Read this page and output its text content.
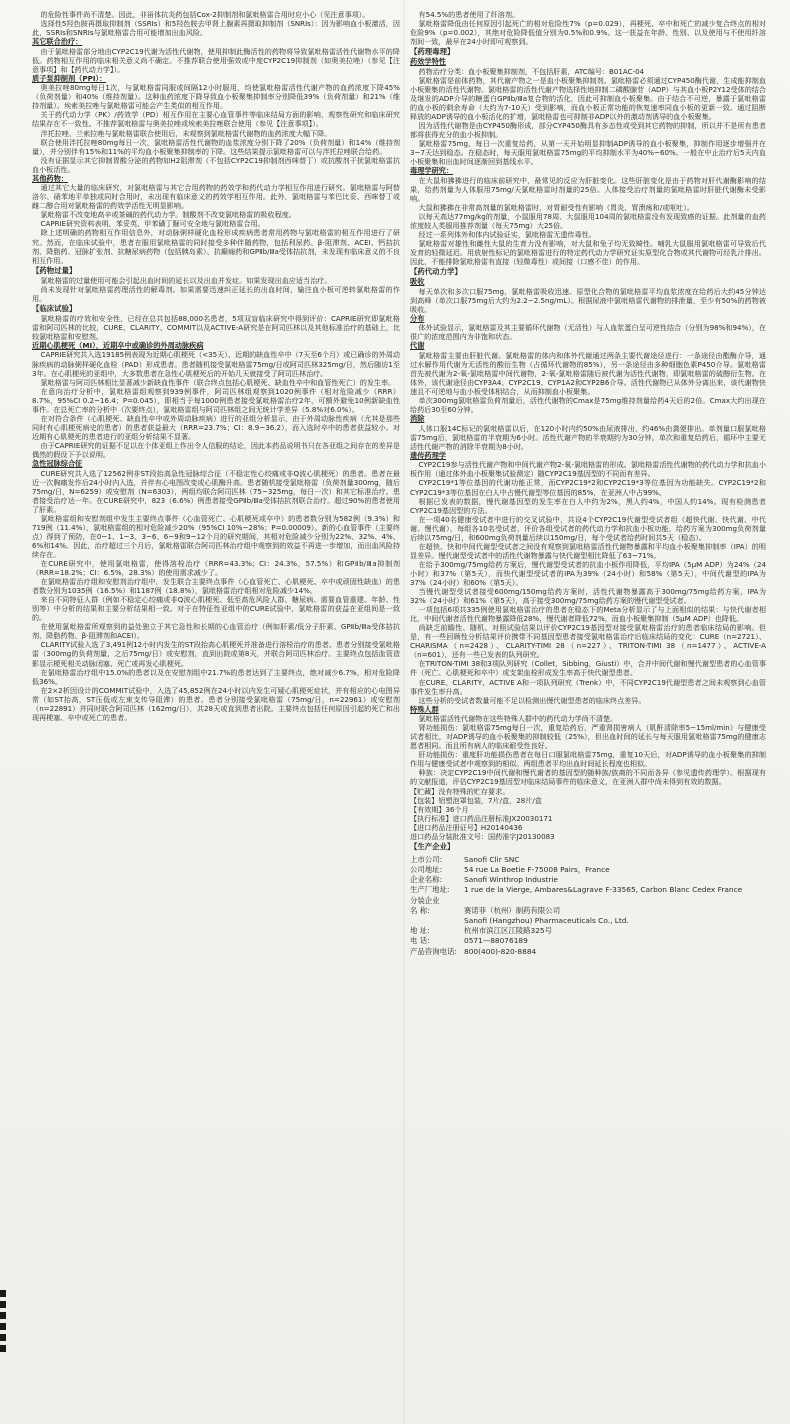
的危险性事件尚不清楚。因此，非甾体抗炎药包括Cox-2抑制剂和氯吡格雷合用时应小心（见注意事项）。

选择性5羟色胺再摄取抑制剂（SSRIs）和5羟色胺去甲肾上腺素再摄取抑制剂（SNRIs）：因为影响血小板激活，因此，SSRIs和SNRIs与氯吡格雷合用可能增加出血风险。

其它联合治疗：

由于氯吡格雷部分地由CYP2C19代谢为活性代谢物，使用抑制此酶活性的药物将导致氯吡格雷活性代谢物水平的降低。药物相互作用的临床相关意义尚不确定。不推荐联合使用强效或中度CYP2C19抑制剂（如奥美拉唑）（参见【注意事项】和【药代动力学】）。

质子泵抑制剂（PPI）：

奥美拉唑80mg每日1次，与氯吡格雷同服或间隔12小时服用，均使氯吡格雷活性代谢产物的血药浓度下降45%（负荷剂量）和40%（维持剂量）。这种血药浓度下降导致血小板聚集抑制率分别降低39%（负荷剂量）和21%（维持剂量）。埃索美拉唑与氯吡格雷可能会产生类似的相互作用。

关于药代动力学（PK）/药效学（PD）相互作用在主要心血管事件等临床结局方面的影响，观察性研究和临床研究结果存在不一致性。不推荐氯吡格雷与奥美拉唑或埃索美拉唑联合使用（参见【注意事项】）。

泮托拉唑、兰索拉唑与氯吡格雷联合使用后，未观察到氯吡格雷代谢物的血药浓度大幅下降。

联合使用泮托拉唑80mg每日一次，氯吡格雷活性代谢物的血浆浓度分别下降了20%（负荷剂量）和14%（维持剂量），并分别伴有15%和11%的平均血小板聚集抑制率的下降。这些结果提示氯吡格雷可以与泮托拉唑联合给药。

没有证据显示其它抑制胃酸分泌的药物如H2阻滞剂（不包括CYP2C19抑制剂西咪替丁）或抗酸剂干扰氯吡格雷抗血小板活性。

其他药物：

通过其它大量的临床研究，对氯吡格雷与其它合用药物的药效学和药代动力学相互作用进行研究。氯吡格雷与阿替洛尔、硝苯地平单独或同时合用时，未出现有临床意义的药效学相互作用。此外，氯吡格雷与苯巴比妥、西咪替丁或雌二醇合用对氯吡格雷的药效学活性无明显影响。

氯吡格雷不改变地高辛或茶碱的药代动力学。制酸剂不改变氯吡格雷的吸收程度。

CAPRIE研究资料表明，苯妥英、甲苯磺丁脲可安全地与氯吡格雷合用。

除上述明确的药物相互作用信息外，对动脉粥样硬化血栓形成疾病患者常用药物与氯吡格雷的相互作用进行了研究。然而，在临床试验中，患者在服用氯吡格雷的同时接受多种伴随药物，包括利尿药、β-阻滞剂、ACEI、钙拮抗剂、降脂药、冠脉扩张剂、抗糖尿病药物（包括胰岛素）、抗癫痫药和GPⅡb/Ⅲa受体拮抗剂，未发现有临床意义的不良相互作用。

【药物过量】

氯吡格雷的过量使用可能会引起出血时间的延长以及出血并发症。如果发现出血应适当治疗。

尚未发现针对氯吡格雷药理活性的解毒剂。如果需要迅速纠正延长的出血时间，输注血小板可逆转氯吡格雷的作用。

【临床试验】

氯吡格雷的疗效和安全性，已经在总共包括88,000名患者，5项双盲临床研究中得到评价：CAPRIE研究即氯吡格雷和阿司匹林的比较，CURE、CLARITY、COMMIT以及ACTIVE-A研究是在阿司匹林以及其他标准治疗的基础上，比较氯吡格雷和安慰剂。

近期心肌梗死（MI），近期卒中或确诊的外周动脉疾病

CAPRIE研究共入选19185例表现为近期心肌梗死（<35天）、近期的缺血性卒中（7天至6个月）或已确诊的外周动脉疾病的动脉粥样硬化血栓（PAD）形成患者。患者随机接受氯吡格雷75mg/日或阿司匹林325mg/日，然后随访1至3年。在心肌梗死的亚组中，大多数患者在急性心肌梗死后的开始几天就接受了阿司匹林治疗。

氯吡格雷与阿司匹林相比显著减少新缺血性事件（联合终点包括心肌梗死、缺血性卒中和血管性死亡）的发生率。

在意向治疗分析中，氯吡格雷组观察到939例事件，阿司匹林组观察到1020例事件（相对危险减少（RRR）8.7%，95%CI 0.2~16.4；P=0.045），即相当于每1000例患者接受氯吡格雷治疗2年，可额外避免10例新缺血性事件。在总死亡率的分析中（次要终点），氯吡格雷组与阿司匹林组之间无统计学差异（5.8%对6.0%）。

在对符合条件（心肌梗死、缺血性卒中或外周动脉疾病）进行的亚组分析显示，由于外周动脉性疾病（尤其是那些同时有心肌梗死病史的患者）的患者获益最大（RRR=23.7%；CI：8.9~36.2），而入选时卒中的患者获益较小。对近期有心肌梗死的患者进行的亚组分析结果不显著。

由于CAPRIE研究的证据不足以在个体亚组上作出令人信服的结论，因此本药品说明书只在各亚组之间存在的差异是偶然的假设下予以说明。

急性冠脉综合征

CURE研究共入选了12562例非ST段抬高急性冠脉综合征（不稳定性心绞痛或非Q波心肌梗死）的患者。患者在最近一次胸痛发作后24小时内入选，并伴有心电图改变或心肌酶升高。患者随机接受氯吡格雷（负荷剂量300mg，随后75mg/日，N=6259）或安慰剂（N=6303），两组均联合阿司匹林（75~325mg，每日一次）和其它标准治疗。患者接受治疗达一年。在CURE研究中，823（6.6%）例患者接受GPⅡb/Ⅲa受体拮抗剂联合治疗。超过90%的患者使用了肝素。

氯吡格雷组和安慰剂组中发生主要终点事件（心血管死亡、心肌梗死或卒中）的患者数分别为582例（9.3%）和719例（11.4%），氯吡格雷组的相对危险减少20%（95%CI 10%~28%；P=0.00009）。新的心血管事件（主要终点）得到了预防，在0~1、1~3、3~6、6~9和9~12个月的研究期间，其相对危险减少分别为22%、32%、4%、6%和14%。因此，治疗超过三个月后，氯吡格雷联合阿司匹林治疗组中观察到的效益不再进一步增加，而出血风险持续存在。

在CURE研究中，使用氯吡格雷，使得溶栓治疗（RRR=43.3%；CI：24.3%，57.5%）和GPⅡb/Ⅲa抑制剂（RRR=18.2%；CI：6.5%，28.3%）的使用需求减少了。

在氯吡格雷治疗组和安慰剂治疗组中，发生联合主要终点事件（心血管死亡、心肌梗死、卒中或顽固性缺血）的患者数分别为1035例（16.5%）和1187例（18.8%），氯吡格雷治疗组相对危险减少14%。

来自不同特征人群（例如不稳定心绞痛或非Q波心肌梗死、低至高危风险人群、糖尿病、需要血管重建、年龄、性别等）中分析的结果和主要分析结果相一致。对于在特征性亚组中的CURE试验中，氯吡格雷的获益在亚组间是一致的。

在使用氯吡格雷所观察到的益处独立于其它急性和长期的心血管治疗（例如肝素/低分子肝素、GPⅡb/Ⅲa受体拮抗剂、降脂药物、β-阻滞剂和ACEI）。

CLARITY试验入选了3,491例12小时内发生的ST段抬高心肌梗死并准备进行溶栓治疗的患者。患者分别接受氯吡格雷（300mg的负荷剂量，之后75mg/日）或安慰剂，直到出院或第8天，并联合阿司匹林治疗。主要终点包括血管造影显示梗死相关动脉闭塞、死亡或再发心肌梗死。

在氯吡格雷治疗组中15.0%的患者以及在安慰剂组中21.7%的患者达到了主要终点，绝对减少6.7%，相对危险降低36%。

在2×2析因设计的COMMIT试验中，入选了45,852例在24小时以内发生可疑心肌梗死症状，并有相应的心电图异常（如ST抬高，ST压低或左束支传导阻滞）的患者。患者分别接受氯吡格雷（75mg/日，n=22961）或安慰剂（n=22891）并同时联合阿司匹林（162mg/日），共28天或直到患者出院。主要终点包括任何原因引起的死亡和出现再梗塞、卒中或死亡的患者。

有54.5%的患者使用了纤溶剂。

氯吡格雷降低由任何原因引起死亡的相对危险性7%（p=0.029），再梗死、卒中和死亡的减少复合终点的相对危险9%（p=0.002），其绝对危险降低值分别为0.5%和0.9%。这一获益在年龄、性别、以及使用与不使用纤溶剂间一致，最早在24小时即可观察到。

【药理毒理】

药效学特性

药物治疗分类：血小板聚集抑制剂，不包括肝素，ATC编号：B01AC-04

氯吡格雷是前体药物，其代谢产物之一是血小板聚集抑制剂。氯吡格雷必须通过CYP450酶代谢，生成能抑制血小板聚集的活性代谢物。氯吡格雷的活性代谢产物选择性地抑制二磷酸腺苷（ADP）与其血小板P2Y12受体的结合及继发的ADP介导的糖蛋白GPⅡb/Ⅲa复合物的活化，因此可抑制血小板聚集。由于结合不可逆，暴露于氯吡格雷的血小板的剩余寿命（大约为7-10天）受到影响，而血小板正常功能的恢复速率同血小板的更新一致。通过阻断释放的ADP诱导的血小板活化的扩增，氯吡格雷也可抑制非ADP以外的激动剂诱导的血小板聚集。

因为活性代谢物是由CYP450酶形成，部分CYP450酶具有多态性或受到其它药物的抑制，所以并不是所有患者都将获得充分的血小板抑制。

氯吡格雷75mg，每日一次重复给药，从第一天开始明显抑制ADP诱导的血小板聚集，抑制作用逐步增强并在3~7天达到稳态。在稳态时，每天服用氯吡格雷75mg的平均抑制水平为40%~60%。一般在中止治疗后5天内血小板聚集和出血时间逐渐回到基线水平。

毒理学研究：

在大鼠和狒狒进行的临床前研究中，最常见的反应为肝脏变化。这些肝脏变化是由于药物对肝代谢酶影响的结果，给药剂量为人体服用75mg/天氯吡格雷时剂量的25倍。人体接受治疗剂量的氯吡格雷时肝脏代谢酶未受影响。

大鼠和狒狒在非常高剂量的氯吡格雷时，对胃耐受性有影响（胃炎、胃溃疡和/或呕吐）。

以每天高达77mg/kg的剂量，小鼠服用78周、大鼠服用104周的氯吡格雷没有发现致癌的证据。此剂量的血药浓度较人类服用推荐剂量（每天75mg）大25倍。

经过一系列体外和体内试验证实，氯吡格雷无遗传毒性。

氯吡格雷对雄性和雌性大鼠的生育力没有影响，对大鼠和兔子均无致畸性。哺乳大鼠服用氯吡格雷可导致后代发育的轻微延迟。用放射性标记的氯吡格雷进行的特定药代动力学研究证实原型化合物或其代谢物可经乳汁排出。因此，不能排除氯吡格雷有直接（轻微毒性）或间接（口感不佳）的作用。

【药代动力学】

吸收

每天单次和多次口服75mg，氯吡格雷吸收迅速。原型化合物的氯吡格雷平均血浆浓度在给药后大约45分钟达到高峰（单次口服75mg后大约为2.2~2.5ng/mL）。根据尿液中氯吡格雷代谢物的排泄量，至少有50%的药物被吸收。

分布

体外试验显示，氯吡格雷及其主要循环代谢物（无活性）与人血浆蛋白呈可逆性结合（分别为98%和94%），在很广的浓度范围内为非饱和状态。

代谢

氯吡格雷主要由肝脏代谢。氯吡格雷的体内和体外代谢通过两条主要代谢途径进行：一条途径由酯酶介导，通过水解作用代谢为无活性的酸衍生物（占循环代谢物的85%），另一条途径由多种细胞色素P450介导。氯吡格雷首先被代谢为2-氧-氯吡格雷中间代谢物，2-氧-氯吡格雷随后被代谢为活性代谢物，即氯吡格雷的硫醇衍生物。在体外，该代谢途径由CYP3A4、CYP2C19、CYP1A2和CYP2B6介导。活性代谢物已从体外分离出来，该代谢物快速且不可逆地与血小板受体相结合，从而抑制血小板聚集。

单次300mg氯吡格雷负荷剂量后，活性代谢物的Cmax是75mg维持剂量给药4天后的2倍。Cmax大约出现在给药后30至60分钟。

消除

人体口服14C标记的氯吡格雷以后，在120小时内约50%由尿液排出，约46%由粪便排出。单剂量口服氯吡格雷75mg后，氯吡格雷的半衰期为6小时。活性代谢产物的半衰期约为30分钟。单次和重复给药后，循环中主要无活性代谢产物的消除半衰期为8小时。

遗传药理学

CYP2C19参与活性代谢产物和中间代谢产物2-氧-氯吡格雷的形成。氯吡格雷活性代谢物的药代动力学和抗血小板作用（通过体外血小板聚集试验测定）随CYP2C19基因型的不同而有差异。

CYP2C19*1等位基因的代谢功能正常，而CYP2C19*2和CYP2C19*3等位基因为功能缺失。CYP2C19*2和CYP2C19*3等位基因在白人中占慢代谢型等位基因的85%，在亚洲人中占99%。

根据已发表的数据，慢代谢基因型的发生率在白人中约为2%，黑人约4%，中国人约14%。现有检测患者CYP2C19基因型的方法。

在一项40名健康受试者中进行的交叉试验中，共设4个CYP2C19代谢型受试者组（超快代谢、快代谢、中代谢、慢代谢），每组各10名受试者，评价各组受试者的药代动力学和抗血小板功能，给药方案为300mg负荷剂量后续以75mg/日，和600mg负荷剂量后续以150mg/日，每个受试者给药时间共5天（稳态）。

在超快、快和中间代谢型受试者之间没有观察到氯吡格雷活性代谢物暴露和平均血小板聚集抑制率（IPA）的明显差异。慢代谢型受试者中的活性代谢物暴露与快代谢型相比降低了63~71%。

在给予300mg/75mg给药方案后，慢代谢型受试者的抗血小板作用降低，平均IPA（5μM ADP）为24%（24小时）和37%（第5天），而快代谢型受试者的IPA为39%（24小时）和58%（第5天），中间代谢型的IPA为37%（24小时）和60%（第5天）。

当慢代谢型受试者接受600mg/150mg给药方案时，活性代谢物暴露高于300mg/75mg给药方案，IPA为32%（24小时）和61%（第5天），高于接受300mg/75mg给药方案的慢代谢型受试者。

一项包括6项共335例使用氯吡格雷治疗的患者在稳态下的Meta分析显示了与上面相似的结果：与快代谢者相比，中间代谢者活性代谢物暴露降低28%，慢代谢者降低72%，而血小板聚集抑制（5μM ADP）也降低。

尚缺乏前瞻性、随机、对照试验结果以评价CYP2C19基因型对接受氯吡格雷治疗的患者临床结局的影响。但是，有一些回顾性分析结果评价携带不同基因型患者接受氯吡格雷治疗后临床结局的变化：CURE（n=2721）、CHARISMA（n=2428）、CLARITY-TIMI 28（n=227）、TRITON-TIMI 38（n=1477）、ACTIVE-A（n=601），还有一些已发表的队列研究。

在TRITON-TIMI 38和3项队列研究（Collet，Sibbing，Giusti）中，合并中间代谢和慢代谢型患者的心血管事件（死亡、心肌梗死和卒中）或支架血栓形成发生率高于快代谢型患者。

在CURE、CLARITY、ACTIVE A和一项队列研究（Trenk）中，不同CYP2C19代谢型患者之间未观察到心血管事件发生率升高。

这些分析的受试者数量可能不足以检测出慢代谢型患者的临床终点差异。

特殊人群

氯吡格雷活性代谢物在这些特殊人群中的药代动力学尚不清楚。

肾功能损伤：氯吡格雷75mg每日一次，重复给药后，严重肾损害病人（肌酐清除率5~15ml/min）与健康受试者相比，对ADP诱导的血小板聚集的抑制较低（25%），但出血时间的延长与每天服用氯吡格雷75mg的健康志愿者相同。而且所有病人的临床耐受性良好。

肝功能损伤：重度肝功能损伤患者在每日口服氯吡格雷75mg，重复10天后，对ADP诱导的血小板聚集的抑制作用与健康受试者中观察到的相似。两组患者平均出血时间延长程度也相似。

种族：决定CYP2C19中间代谢和慢代谢者的基因型的随种族/族裔的不同而各异（参见遗传药理学）。根据现有的文献报道，评估CYP2C19基因型对临床结局事件的临床意义，在亚洲人群中尚未得到有效的数据。

【贮藏】没有特殊的贮存要求。

【包装】铝塑泡罩包装，7片/盒，28片/盒

【有效期】36个月

【执行标准】进口药品注册标准JX20030171

【进口药品注册证号】H20140436

进口药品分装批准文号：国药准字J20130083

【生产企业】

上市公司:	Sanofi Clir SNC
公司地址:	54 rue La Boetie F-75008 Pairs，France
企业名称:	Sanofi Winthrop Industrie
生产厂地址: 1 rue de la Vierge, Ambares&Lagrave F-33565, Carbon Blanc Cedex France
分装企业
名 称:	赛诺菲（杭州）制药有限公司
Sanofi (Hangzhou) Pharmaceuticals Co., Ltd.
地 址:	杭州市滨江区江陵路325号
电 话:	0571—88076189
产品咨询电话: 800(400)-820-8884
